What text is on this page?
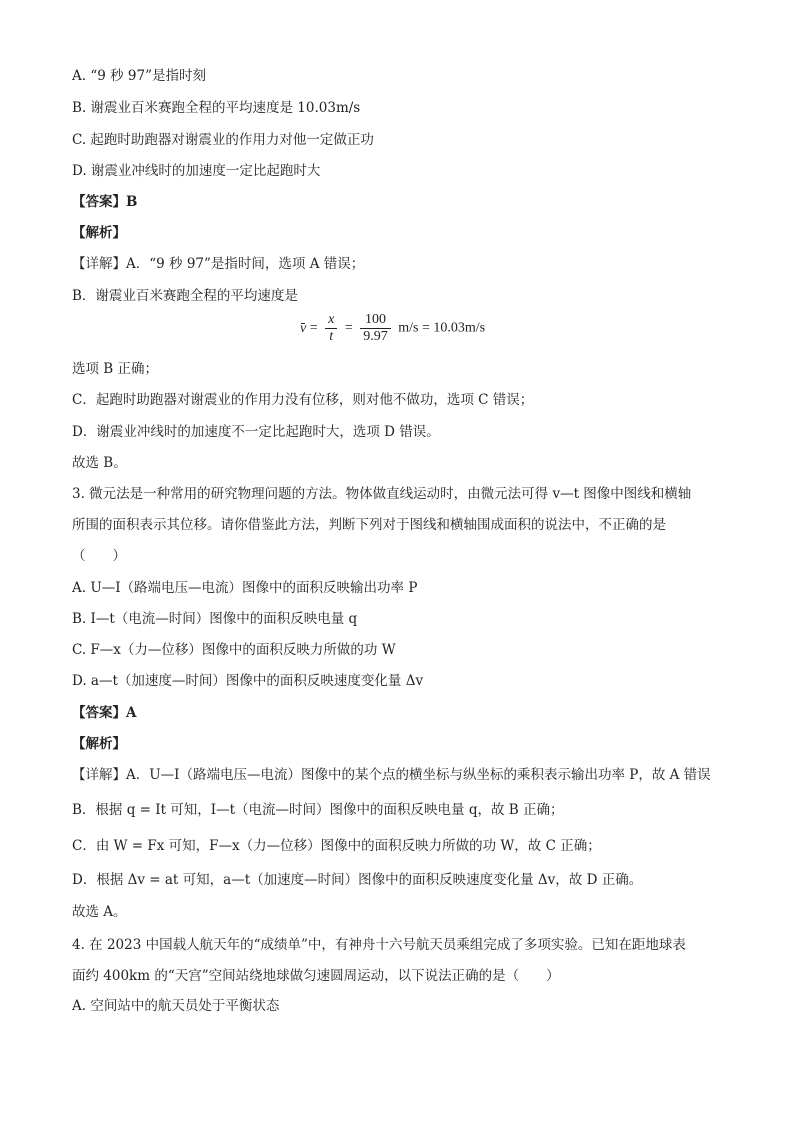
A. “9 秒 97”是指时刻
B. 谢震业百米赛跑全程的平均速度是 10.03m/s
C. 起跑时助跑器对谢震业的作用力对他一定做正功
D. 谢震业冲线时的加速度一定比起跑时大
【答案】B
【解析】
【详解】A．“9 秒 97”是指时间，选项 A 错误；
B．谢震业百米赛跑全程的平均速度是
$v = \frac{x}{t} = \frac{100}{9.97} m/s = 10.03m/s$
选项 B 正确；
C．起跑时助跑器对谢震业的作用力没有位移，则对他不做功，选项 C 错误；
D．谢震业冲线时的加速度不一定比起跑时大，选项 D 错误。
故选 B。
3. 微元法是一种常用的研究物理问题的方法。物体做直线运动时，由微元法可得 v—t 图像中图线和横轴
所围的面积表示其位移。请你借鉴此方法，判断下列对于图线和横轴围成面积的说法中，不正确的是
（　　）
A. U—I（路端电压—电流）图像中的面积反映输出功率 P
B. I—t（电流—时间）图像中的面积反映电量 q
C. F—x（力—位移）图像中的面积反映力所做的功 W
D. a—t（加速度—时间）图像中的面积反映速度变化量 Δv
【答案】A
【解析】
【详解】A．U—I（路端电压—电流）图像中的某个点的横坐标与纵坐标的乘积表示输出功率 P，故 A 错误
B．根据 q = It 可知，I—t（电流—时间）图像中的面积反映电量 q，故 B 正确；
C．由 W = Fx 可知，F—x（力—位移）图像中的面积反映力所做的功 W，故 C 正确；
D．根据 Δv = at 可知，a—t（加速度—时间）图像中的面积反映速度变化量 Δv，故 D 正确。
故选 A。
4. 在 2023 中国载人航天年的“成绩单”中，有神舟十六号航天员乘组完成了多项实验。已知在距地球表
面约 400km 的“天宫”空间站绕地球做匀速圆周运动，以下说法正确的是（　　）
A. 空间站中的航天员处于平衡状态
